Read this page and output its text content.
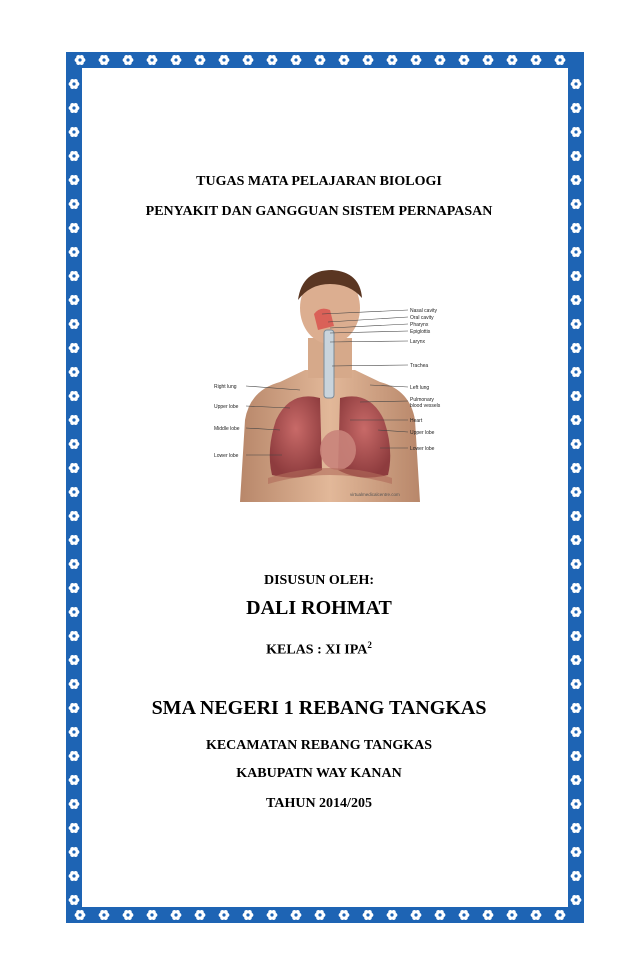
TUGAS MATA PELAJARAN BIOLOGI
PENYAKIT DAN GANGGUAN SISTEM PERNAPASAN
Nasal cavity
Oral cavity
Pharynx
Epiglottis
Larynx
Trachea
Left lung
Pulmonary
blood vessels
Heart
Upper lobe
Lower lobe
Right lung
Upper lobe
Middle lobe
Lower lobe
virtualmedicalcentre.com
DISUSUN OLEH:
DALI ROHMAT
KELAS : XI IPA$^2$
SMA NEGERI 1 REBANG TANGKAS
KECAMATAN REBANG TANGKAS
KABUPATN WAY KANAN
TAHUN 2014/205
